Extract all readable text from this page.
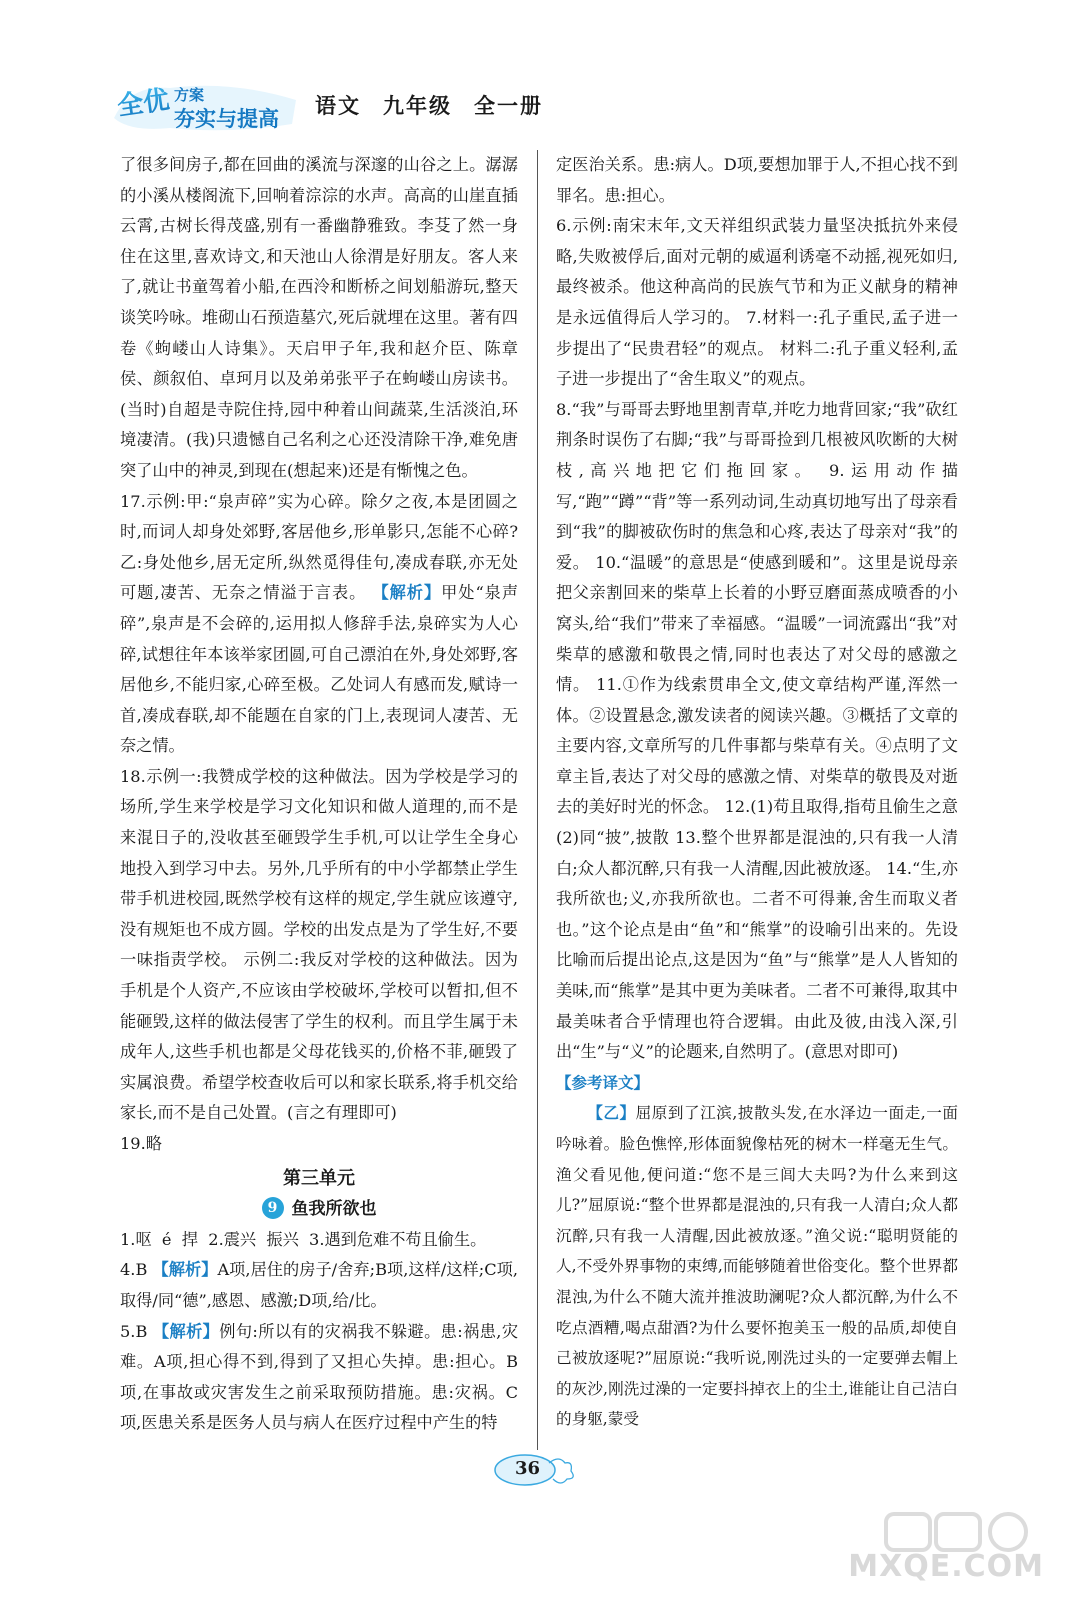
全优 方案
夯实与提高
语文 九年级 全一册

了很多间房子,都在回曲的溪流与深邃的山谷之上。潺潺的小溪从楼阁流下,回响着淙淙的水声。高高的山崖直插云霄,古树长得茂盛,别有一番幽静雅致。李芟了然一身住在这里,喜欢诗文,和天池山人徐渭是好朋友。客人来了,就让书童驾着小船,在西泠和断桥之间划船游玩,整天谈笑吟咏。堆砌山石预造墓穴,死后就埋在这里。著有四卷《蚼嵝山人诗集》。天启甲子年,我和赵介臣、陈章侯、颜叙伯、卓珂月以及弟弟张平子在蚼嵝山房读书。(当时)自超是寺院住持,园中种着山间蔬菜,生活淡泊,环境凄清。(我)只遗憾自己名利之心还没清除干净,难免唐突了山中的神灵,到现在(想起来)还是有惭愧之色。

17.示例:甲:“泉声碎”实为心碎。除夕之夜,本是团圆之时,而词人却身处郊野,客居他乡,形单影只,怎能不心碎?乙:身处他乡,居无定所,纵然觅得佳句,凑成春联,亦无处可题,凄苦、无奈之情溢于言表。 【 解析 】 甲处“泉声碎”,泉声是不会碎的,运用拟人修辞手法,泉碎实为人心碎,试想往年本该举家团圆,可自己漂泊在外,身处郊野,客居他乡,不能归家,心碎至极。乙处词人有感而发,赋诗一首,凑成春联,却不能题在自家的门上,表现词人凄苦、无奈之情。

18.示例一:我赞成学校的这种做法。因为学校是学习的场所,学生来学校是学习文化知识和做人道理的,而不是来混日子的,没收甚至砸毁学生手机,可以让学生全身心地投入到学习中去。另外,几乎所有的中小学都禁止学生带手机进校园,既然学校有这样的规定,学生就应该遵守,没有规矩也不成方圆。学校的出发点是为了学生好,不要一味指责学校。 示例二:我反对学校的这种做法。因为手机是个人资产,不应该由学校破坏,学校可以暂扣,但不能砸毁,这样的做法侵害了学生的权利。而且学生属于未成年人,这些手机也都是父母花钱买的,价格不菲,砸毁了实属浪费。希望学校查收后可以和家长联系,将手机交给家长,而不是自己处置。(言之有理即可)

19.略

第三单元

9 鱼我所欲也

1.呕  é  捍  2.震兴  振兴  3.遇到危难不苟且偷生。

4.B 【 解析 】 A项,居住的房子/舍弃;B项,这样/这样;C项,取得/同“德”,感恩、感激;D项,给/比。

5.B 【 解析 】 例句:所以有的灾祸我不躲避。患:祸患,灾难。A项,担心得不到,得到了又担心失掉。患:担心。B项,在事故或灾害发生之前采取预防措施。患:灾祸。C项,医患关系是医务人员与病人在医疗过程中产生的特

定医治关系。患:病人。D项,要想加罪于人,不担心找不到罪名。患:担心。

6.示例:南宋末年,文天祥组织武装力量坚决抵抗外来侵略,失败被俘后,面对元朝的威逼利诱毫不动摇,视死如归,最终被杀。他这种高尚的民族气节和为正义献身的精神是永远值得后人学习的。 7.材料一:孔子重民,孟子进一步提出了“民贵君轻”的观点。 材料二:孔子重义轻利,孟子进一步提出了“舍生取义”的观点。

8.“我”与哥哥去野地里割青草,并吃力地背回家;“我”砍红荆条时误伤了右脚;“我”与哥哥捡到几根被风吹断的大树枝,高兴地把它们拖回家。 9.运用动作描写,“跑”“蹲”“背”等一系列动词,生动真切地写出了母亲看到“我”的脚被砍伤时的焦急和心疼,表达了母亲对“我”的爱。 10.“温暖”的意思是“使感到暖和”。这里是说母亲把父亲割回来的柴草上长着的小野豆磨面蒸成喷香的小窝头,给“我们”带来了幸福感。“温暖”一词流露出“我”对柴草的感激和敬畏之情,同时也表达了对父母的感激之情。 11.①作为线索贯串全文,使文章结构严谨,浑然一体。②设置悬念,激发读者的阅读兴趣。③概括了文章的主要内容,文章所写的几件事都与柴草有关。④点明了文章主旨,表达了对父母的感激之情、对柴草的敬畏及对逝去的美好时光的怀念。 12.(1)苟且取得,指苟且偷生之意 (2)同“披”,披散 13.整个世界都是混浊的,只有我一人清白;众人都沉醉,只有我一人清醒,因此被放逐。 14.“生,亦我所欲也;义,亦我所欲也。二者不可得兼,舍生而取义者也。”这个论点是由“鱼”和“熊掌”的设喻引出来的。先设比喻而后提出论点,这是因为“鱼”与“熊掌”是人人皆知的美味,而“熊掌”是其中更为美味者。二者不可兼得,取其中最美味者合乎情理也符合逻辑。由此及彼,由浅入深,引出“生”与“义”的论题来,自然明了。(意思对即可)

【 参考译文 】

【 乙 】 屈原到了江滨,披散头发,在水泽边一面走,一面吟咏着。脸色憔悴,形体面貌像枯死的树木一样毫无生气。渔父看见他,便问道:“您不是三闾大夫吗?为什么来到这儿?”屈原说:“整个世界都是混浊的,只有我一人清白;众人都沉醉,只有我一人清醒,因此被放逐。”渔父说:“聪明贤能的人,不受外界事物的束缚,而能够随着世俗变化。整个世界都混浊,为什么不随大流并推波助澜呢?众人都沉醉,为什么不吃点酒糟,喝点甜酒?为什么要怀抱美玉一般的品质,却使自己被放逐呢?”屈原说:“我听说,刚洗过头的一定要弹去帽上的灰沙,刚洗过澡的一定要抖掉衣上的尘土,谁能让自己洁白的身躯,蒙受

36
MXQE.COM
